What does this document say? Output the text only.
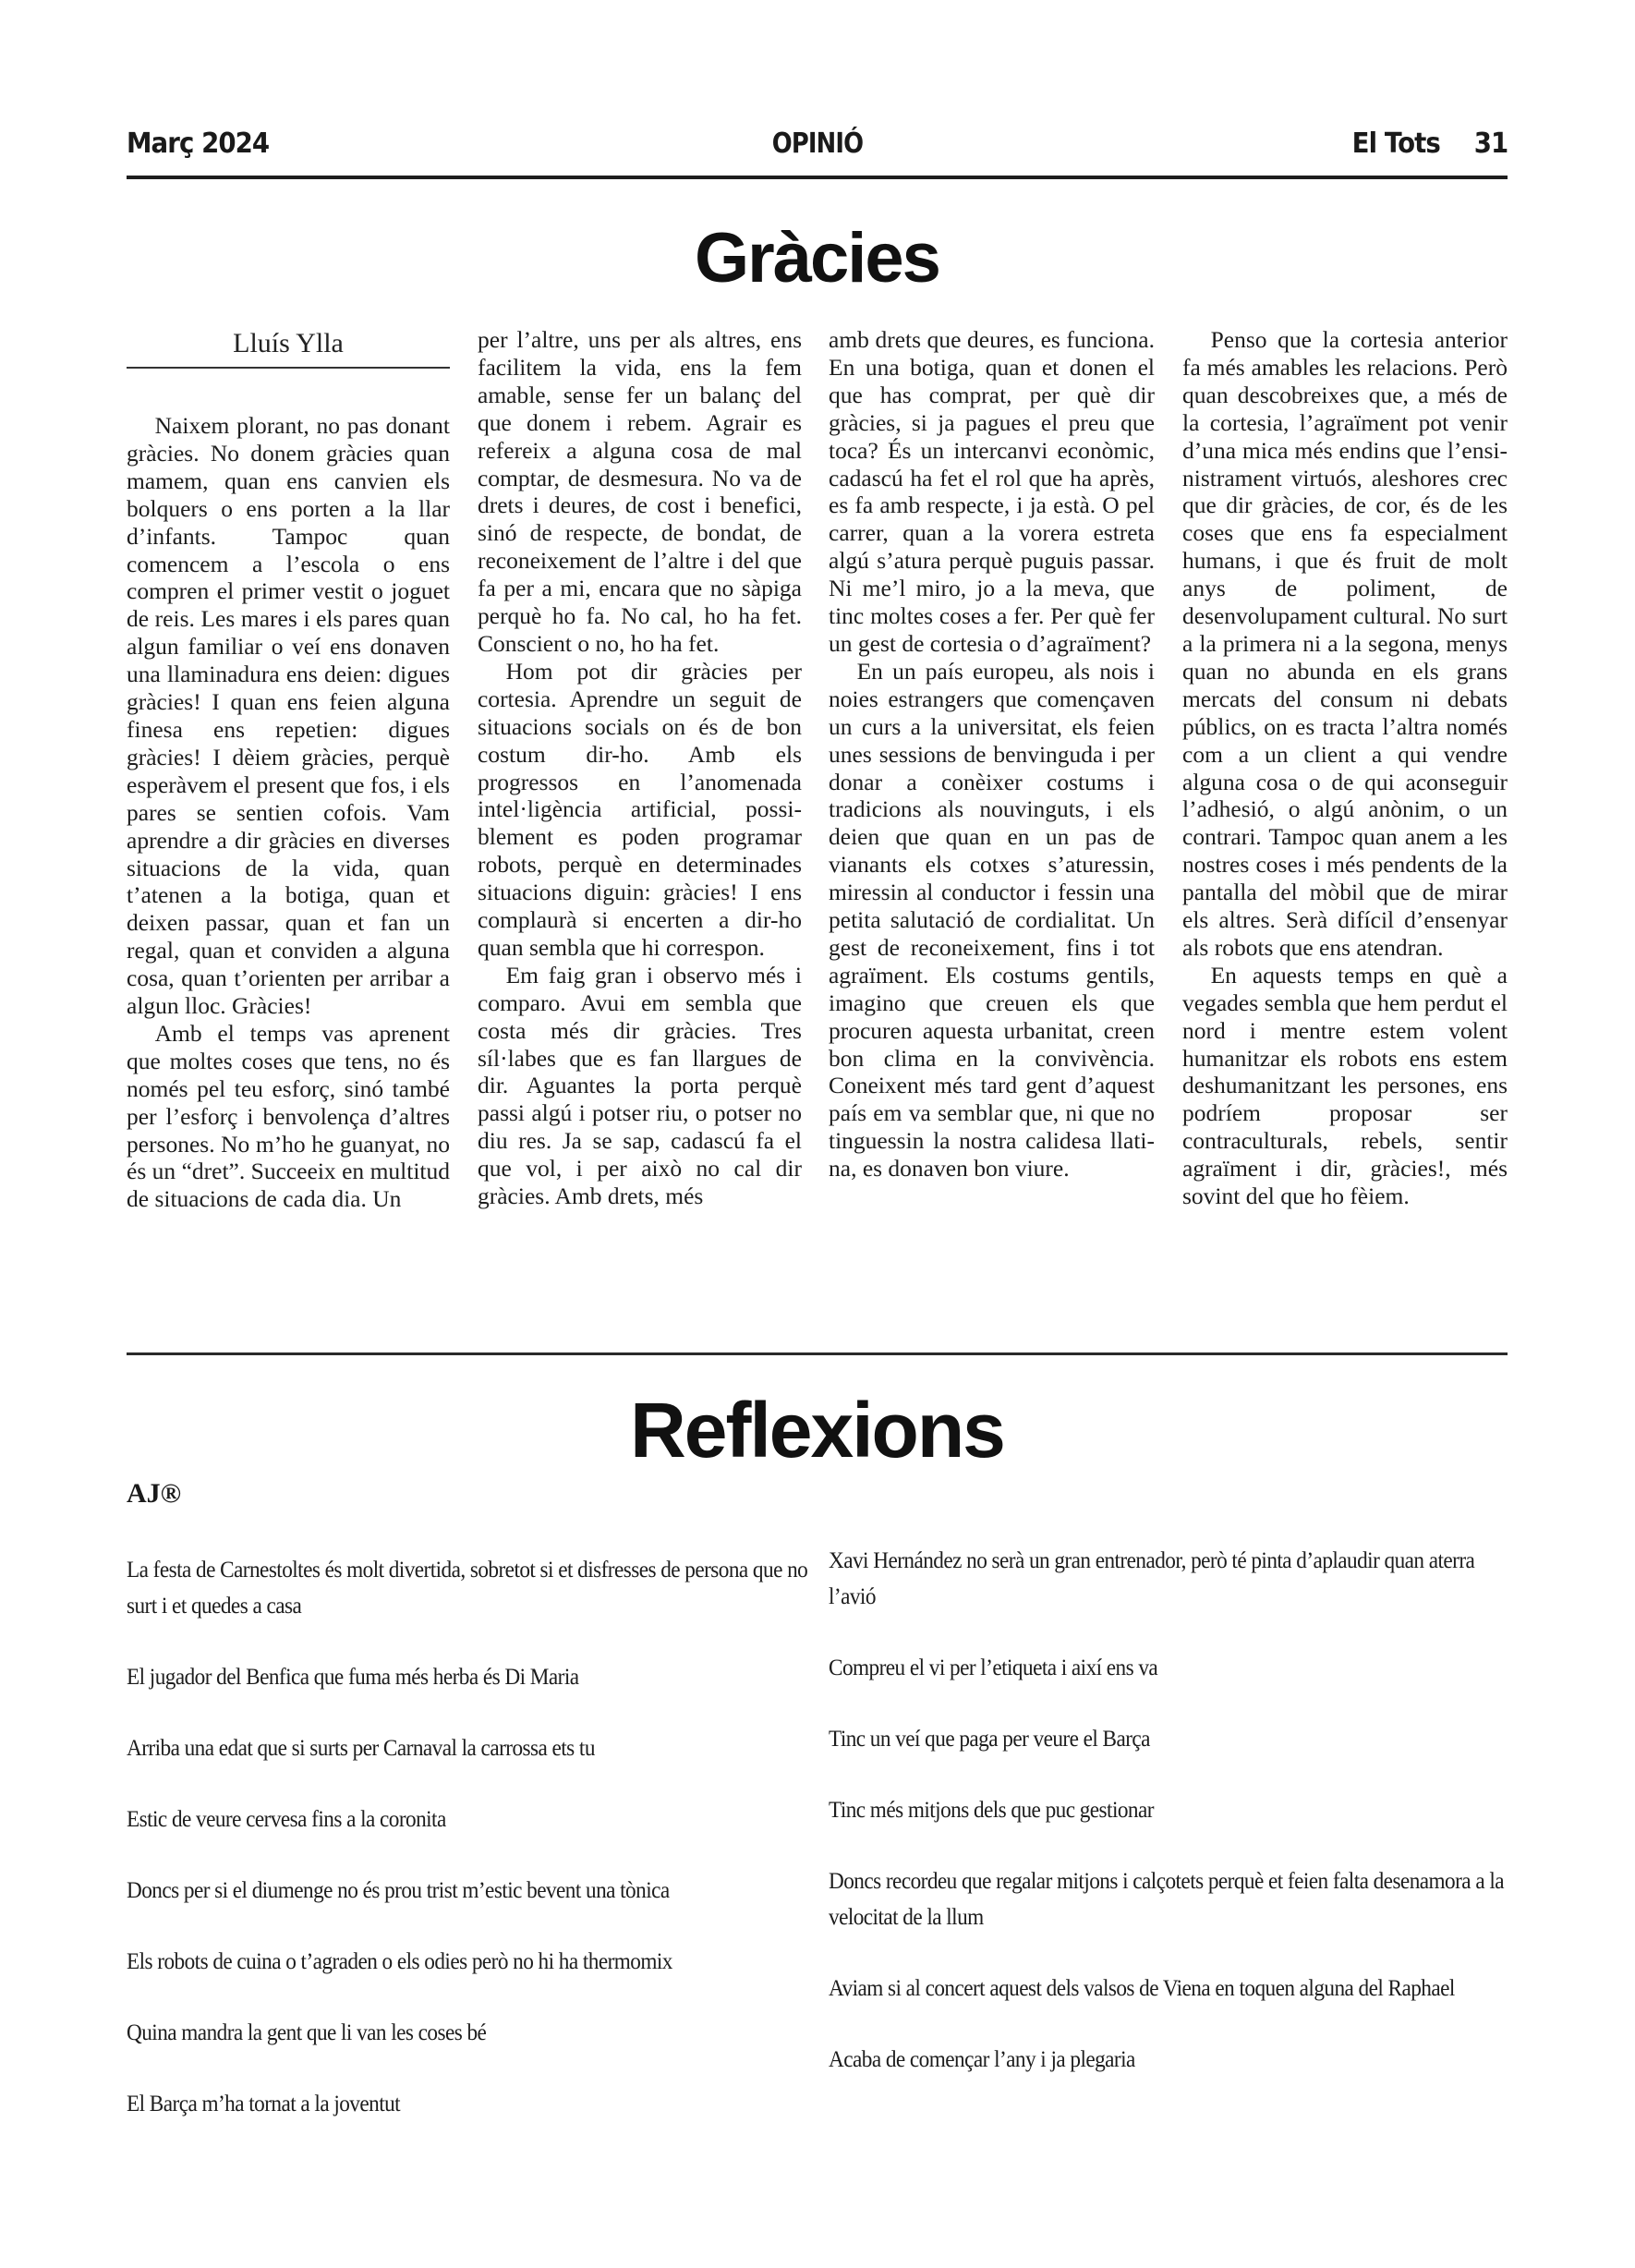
Març 2024	OPINIÓ	El Tots 31
Gràcies
Lluís Ylla

Naixem plorant, no pas donant gràcies. No donem gràcies quan mamem, quan ens canvien els bolquers o ens porten a la llar d’infants. Tampoc quan comencem a l’escola o ens compren el primer vestit o joguet de reis. Les mares i els pares quan algun familiar o veí ens donaven una llaminadura ens deien: digues gràcies! I quan ens feien alguna finesa ens repetien: digues gràcies! I dèiem gràcies, perquè esperàvem el present que fos, i els pares se sentien cofois. Vam aprendre a dir gràcies en diverses situacions de la vida, quan t’atenen a la botiga, quan et deixen passar, quan et fan un regal, quan et conviden a alguna cosa, quan t’orienten per arribar a algun lloc. Gràcies!

Amb el temps vas aprenent que moltes coses que tens, no és només pel teu esforç, sinó també per l’esforç i benvolença d’altres persones. No m’ho he guanyat, no és un “dret”. Succeeix en multitud de situacions de cada dia. Un

per l’altre, uns per als altres, ens facilitem la vida, ens la fem amable, sense fer un balanç del que donem i rebem. Agrair es refereix a alguna cosa de mal comptar, de desmesura. No va de drets i deures, de cost i benefici, sinó de respecte, de bondat, de reconeixement de l’altre i del que fa per a mi, encara que no sàpiga perquè ho fa. No cal, ho ha fet. Conscient o no, ho ha fet.

Hom pot dir gràcies per cortesia. Aprendre un seguit de situacions socials on és de bon costum dir-ho. Amb els progressos en l’anomenada intel·ligència artificial, possiblement es poden programar robots, perquè en determinades situacions diguin: gràcies! I ens complaurà si encerten a dir-ho quan sembla que hi correspon.

Em faig gran i observo més i comparo. Avui em sembla que costa més dir gràcies. Tres síl·labes que es fan llargues de dir. Aguantes la porta perquè passi algú i potser riu, o potser no diu res. Ja se sap, cadascú fa el que vol, i per això no cal dir gràcies. Amb drets, més

amb drets que deures, es funciona. En una botiga, quan et donen el que has comprat, per què dir gràcies, si ja pagues el preu que toca? És un intercanvi econòmic, cadascú ha fet el rol que ha après, es fa amb respecte, i ja està. O pel carrer, quan a la vorera estreta algú s’atura perquè puguis passar. Ni me’l miro, jo a la meva, que tinc moltes coses a fer. Per què fer un gest de cortesia o d’agraïment?

En un país europeu, als nois i noies estrangers que començaven un curs a la universitat, els feien unes sessions de benvinguda i per donar a conèixer costums i tradicions als nouvinguts, i els deien que quan en un pas de vianants els cotxes s’aturessin, miressin al conductor i fessin una petita salutació de cordialitat. Un gest de reconeixement, fins i tot agraïment. Els costums gentils, imagino que creuen els que procuren aquesta urbanitat, creen bon clima en la convivència. Coneixent més tard gent d’aquest país em va semblar que, ni que no tinguessin la nostra calidesa llatina, es donaven bon viure.

Penso que la cortesia anterior fa més amables les relacions. Però quan descobreixes que, a més de la cortesia, l’agraïment pot venir d’una mica més endins que l’ensinistrament virtuós, aleshores crec que dir gràcies, de cor, és de les coses que ens fa especialment humans, i que és fruit de molt anys de poliment, de desenvolupament cultural. No surt a la primera ni a la segona, menys quan no abunda en els grans mercats del consum ni debats públics, on es tracta l’altra només com a un client a qui vendre alguna cosa o de qui aconseguir l’adhesió, o algú anònim, o un contrari. Tampoc quan anem a les nostres coses i més pendents de la pantalla del mòbil que de mirar els altres. Serà difícil d’ensenyar als robots que ens atendran.

En aquests temps en què a vegades sembla que hem perdut el nord i mentre estem volent humanitzar els robots ens estem deshumanitzant les persones, ens podríem proposar ser contraculturals, rebels, sentir agraïment i dir, gràcies!, més sovint del que ho fèiem.

Reflexions
AJ®

La festa de Carnestoltes és molt divertida, sobretot si et disfresses de persona que no surt i et quedes a casa

El jugador del Benfica que fuma més herba és Di Maria

Arriba una edat que si surts per Carnaval la carrossa ets tu

Estic de veure cervesa fins a la coronita

Doncs per si el diumenge no és prou trist m’estic bevent una tònica

Els robots de cuina o t’agraden o els odies però no hi ha thermomix

Quina mandra la gent que li van les coses bé

El Barça m’ha tornat a la joventut

Xavi Hernández no serà un gran entrenador, però té pinta d’aplaudir quan aterra l’avió

Compreu el vi per l’etiqueta i així ens va

Tinc un veí que paga per veure el Barça

Tinc més mitjons dels que puc gestionar

Doncs recordeu que regalar mitjons i calçotets perquè et feien falta desenamora a la velocitat de la llum

Aviam si al concert aquest dels valsos de Viena en toquen alguna del Raphael

Acaba de començar l’any i ja plegaria
